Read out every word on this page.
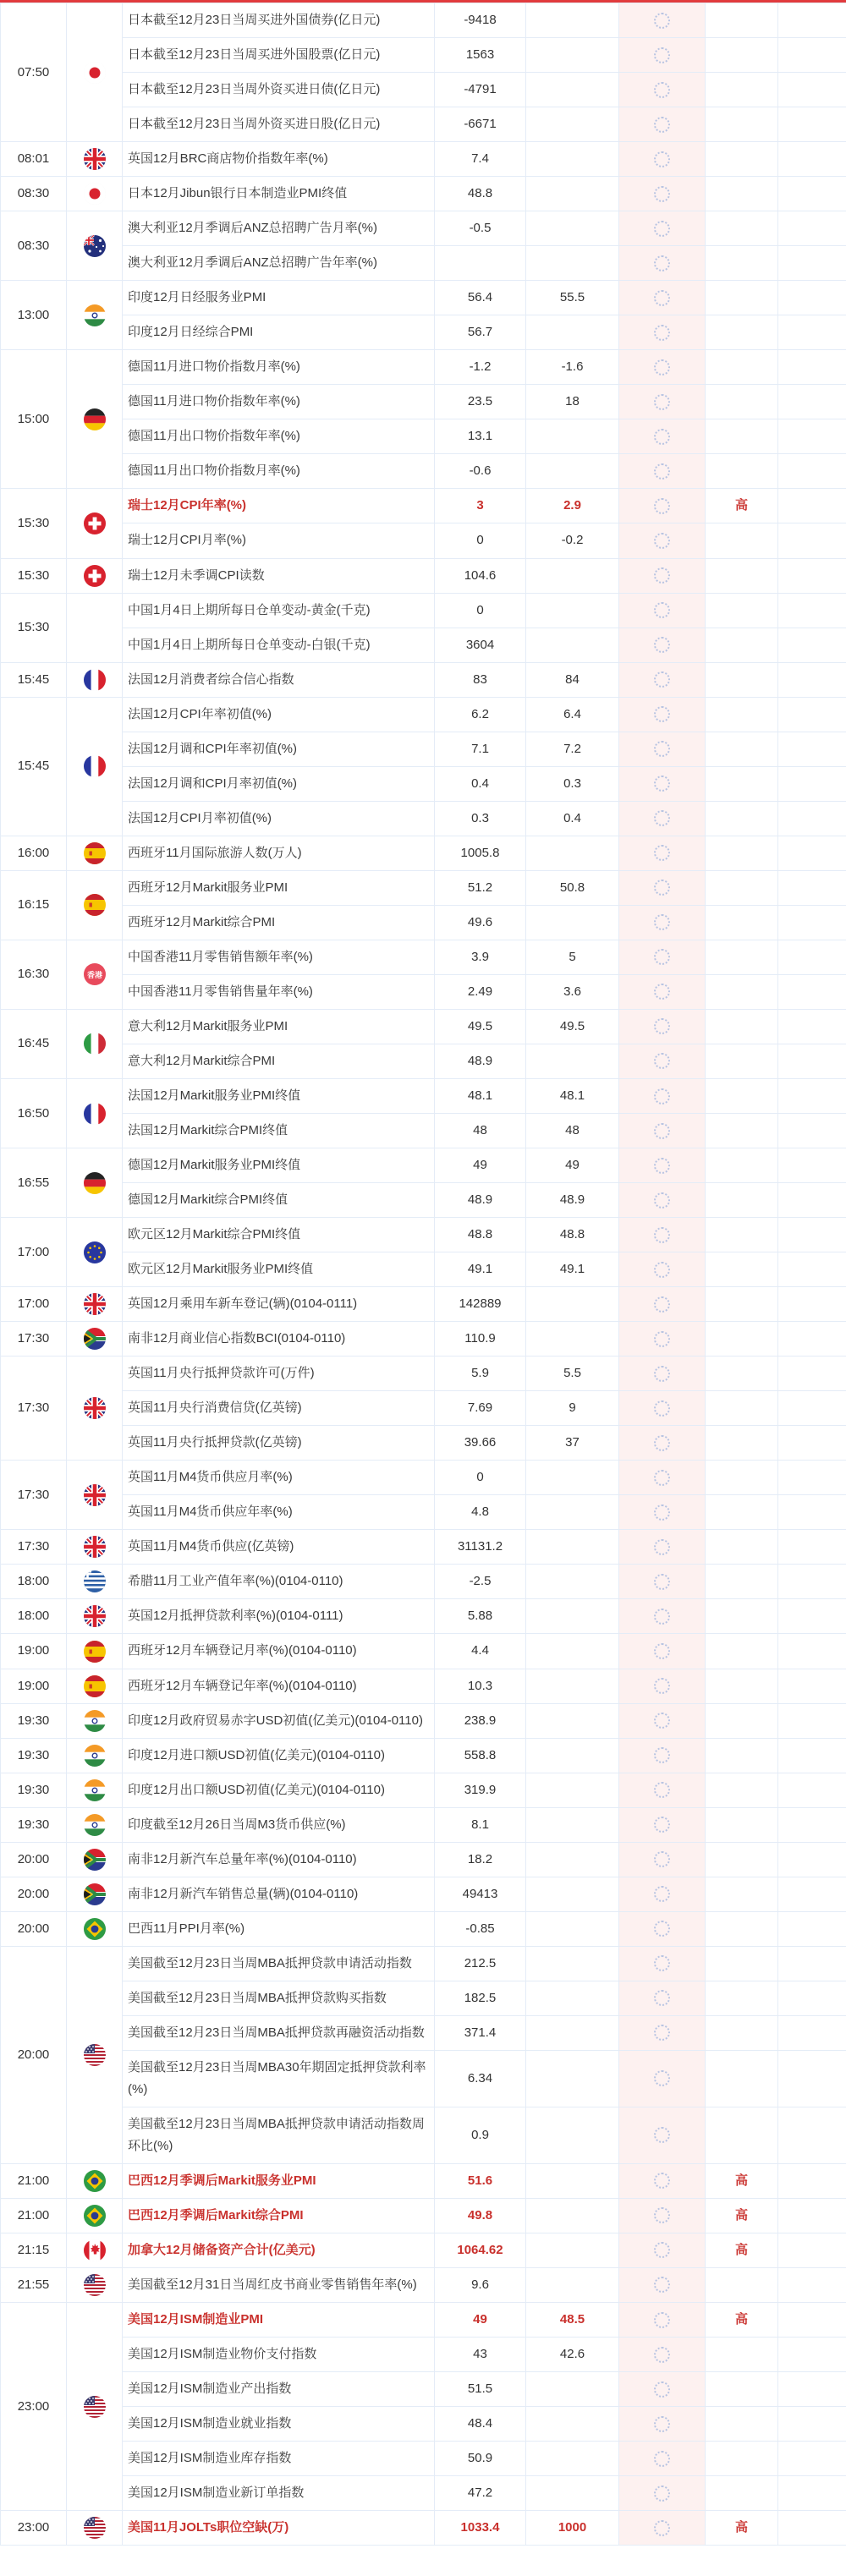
07:50		日本截至12月23日当周买进外国债券(亿日元)	-9418					
		日本截至12月23日当周买进外国股票(亿日元)	1563					
		日本截至12月23日当周外资买进日债(亿日元)	-4791					
		日本截至12月23日当周外资买进日股(亿日元)	-6671					
08:01		英国12月BRC商店物价指数年率(%)	7.4					
08:30		日本12月Jibun银行日本制造业PMI终值	48.8					
08:30		澳大利亚12月季调后ANZ总招聘广告月率(%)	-0.5					
		澳大利亚12月季调后ANZ总招聘广告年率(%)						
13:00		印度12月日经服务业PMI	56.4	55.5				
		印度12月日经综合PMI	56.7					
15:00		德国11月进口物价指数月率(%)	-1.2	-1.6				
		德国11月进口物价指数年率(%)	23.5	18				
		德国11月出口物价指数年率(%)	13.1					
		德国11月出口物价指数月率(%)	-0.6					
15:30		瑞士12月CPI年率(%)	3	2.9		高		
		瑞士12月CPI月率(%)	0	-0.2				
15:30		瑞士12月未季调CPI读数	104.6					
15:30		中国1月4日上期所每日仓单变动-黄金(千克)	0					
		中国1月4日上期所每日仓单变动-白银(千克)	3604					
15:45		法国12月消费者综合信心指数	83	84				
15:45		法国12月CPI年率初值(%)	6.2	6.4				
		法国12月调和CPI年率初值(%)	7.1	7.2				
		法国12月调和CPI月率初值(%)	0.4	0.3				
		法国12月CPI月率初值(%)	0.3	0.4				
16:00		西班牙11月国际旅游人数(万人)	1005.8					
16:15		西班牙12月Markit服务业PMI	51.2	50.8				
		西班牙12月Markit综合PMI	49.6					
16:30	香港	中国香港11月零售销售额年率(%)	3.9	5				
		中国香港11月零售销售量年率(%)	2.49	3.6				
16:45		意大利12月Markit服务业PMI	49.5	49.5				
		意大利12月Markit综合PMI	48.9					
16:50		法国12月Markit服务业PMI终值	48.1	48.1				
		法国12月Markit综合PMI终值	48	48				
16:55		德国12月Markit服务业PMI终值	49	49				
		德国12月Markit综合PMI终值	48.9	48.9				
17:00		欧元区12月Markit综合PMI终值	48.8	48.8				
		欧元区12月Markit服务业PMI终值	49.1	49.1				
17:00		英国12月乘用车新车登记(辆)(0104-0111)	142889					
17:30		南非12月商业信心指数BCI(0104-0110)	110.9					
17:30		英国11月央行抵押贷款许可(万件)	5.9	5.5				
		英国11月央行消费信贷(亿英镑)	7.69	9				
		英国11月央行抵押贷款(亿英镑)	39.66	37				
17:30		英国11月M4货币供应月率(%)	0					
		英国11月M4货币供应年率(%)	4.8					
17:30		英国11月M4货币供应(亿英镑)	31131.2					
18:00		希腊11月工业产值年率(%)(0104-0110)	-2.5					
18:00		英国12月抵押贷款利率(%)(0104-0111)	5.88					
19:00		西班牙12月车辆登记月率(%)(0104-0110)	4.4					
19:00		西班牙12月车辆登记年率(%)(0104-0110)	10.3					
19:30		印度12月政府贸易赤字USD初值(亿美元)(0104-0110)	238.9					
19:30		印度12月进口额USD初值(亿美元)(0104-0110)	558.8					
19:30		印度12月出口额USD初值(亿美元)(0104-0110)	319.9					
19:30		印度截至12月26日当周M3货币供应(%)	8.1					
20:00		南非12月新汽车总量年率(%)(0104-0110)	18.2					
20:00		南非12月新汽车销售总量(辆)(0104-0110)	49413					
20:00		巴西11月PPI月率(%)	-0.85					
20:00		美国截至12月23日当周MBA抵押贷款申请活动指数	212.5					
		美国截至12月23日当周MBA抵押贷款购买指数	182.5					
		美国截至12月23日当周MBA抵押贷款再融资活动指数	371.4					
		美国截至12月23日当周MBA30年期固定抵押贷款利率(%)	6.34					
		美国截至12月23日当周MBA抵押贷款申请活动指数周环比(%)	0.9					
21:00		巴西12月季调后Markit服务业PMI	51.6			高		
21:00		巴西12月季调后Markit综合PMI	49.8			高		
21:15		加拿大12月储备资产合计(亿美元)	1064.62			高		
21:55		美国截至12月31日当周红皮书商业零售销售年率(%)	9.6					
23:00		美国12月ISM制造业PMI	49	48.5		高		
		美国12月ISM制造业物价支付指数	43	42.6				
		美国12月ISM制造业产出指数	51.5					
		美国12月ISM制造业就业指数	48.4					
		美国12月ISM制造业库存指数	50.9					
		美国12月ISM制造业新订单指数	47.2					
23:00		美国11月JOLTs职位空缺(万)	1033.4	1000		高		
